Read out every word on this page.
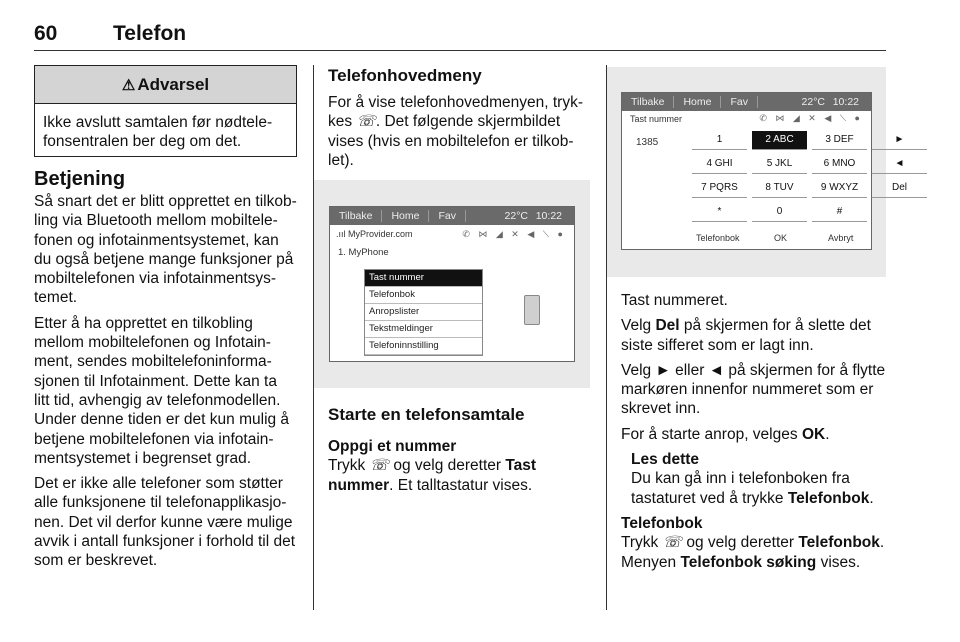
60	Telefon
⚠ Advarsel
Ikke avslutt samtalen før nødtele-
fonsentralen ber deg om det.
Betjening
Så snart det er blitt opprettet en tilkob-
ling via Bluetooth mellom mobiltele-
fonen og infotainmentsystemet, kan
du også betjene mange funksjoner på
mobiltelefonen via infotainmentsys-
temet.
Etter å ha opprettet en tilkobling
mellom mobiltelefonen og Infotain-
ment, sendes mobiltelefoninforma-
sjonen til Infotainment. Dette kan ta
litt tid, avhengig av telefonmodellen.
Under denne tiden er det kun mulig å
betjene mobiltelefonen via infotain-
mentsystemet i begrenset grad.
Det er ikke alle telefoner som støtter
alle funksjonene til telefonapplikasjo-
nen. Det vil derfor kunne være mulige
avvik i antall funksjoner i forhold til det
som er beskrevet.
Telefonhovedmeny
For å vise telefonhovedmenyen, tryk-
kes ☏. Det følgende skjermbildet
vises (hvis en mobiltelefon er tilkob-
let).
Tilbake	Home	Fav	22°C 10:22
.ııl MyProvider.com	✆ ⋈ ◢ ✕ ◀ ⟍ ●
1. MyPhone
Tast nummer
Telefonbok
Anropslister
Tekstmeldinger
Telefoninnstilling
Starte en telefonsamtale
Oppgi et nummer
Trykk ☏ og velg deretter Tast
nummer. Et talltastatur vises.
Tilbake	Home	Fav	22°C 10:22
Tast nummer	✆ ⋈ ◢ ✕ ◀ ⟍ ●
1385	1	2 ABC	3 DEF	►
4 GHI	5 JKL	6 MNO	◄
7 PQRS	8 TUV	9 WXYZ	Del
*	0	#
Telefonbok	OK	Avbryt
Tast nummeret.
Velg Del på skjermen for å slette det
siste sifferet som er lagt inn.
Velg ► eller ◄ på skjermen for å flytte
markøren innenfor nummeret som er
skrevet inn.
For å starte anrop, velges OK.
Les dette
Du kan gå inn i telefonboken fra
tastaturet ved å trykke Telefonbok.
Telefonbok
Trykk ☏ og velg deretter Telefonbok.
Menyen Telefonbok søking vises.
